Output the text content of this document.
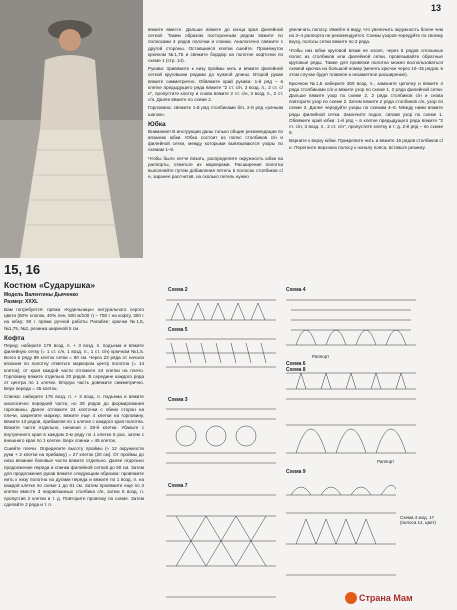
13
15, 16
Костюм «Сударушка»
Модель Валентины Дьяченко
Размер: XXXL

Вам потребуется: пряжа «Кудельница» натурального серого цвета (60% хлопок, 40% лен, 500 м/100 г) – 750 г на кофту, 300 г на юбку; 50 г пряжи ручной работы Paradise; крючки №1,5, №1,75, №2, резинка шириной 5 см.

Кофта

Перед: наберите 176 возд. п. + 3 возд. п. подъема и вяжите филейную сетку (= 1 ст. с/н, 1 возд. п., 1 ст. с/н) крючком №1,5. Всего в ряду 89 клеток сетки = 60 см. Через 23 ряда от начала вязания по полотну отметьте маркером центр полотна (= 14 клеток), от края каждой части отложите 24 клетки на плечо. Горловину вяжите отдельно 20 рядов. В середине каждого ряда от центра по 1 клетке. Вторую часть довяжите симметрично. Верх переда = 45 клеток.

Спинка: наберите 176 возд. п. + 3 возд. п. подъема и вяжите аналогично передней части, но 39 рядов до формирования горловины. Далее отложите 24 клеточки с обеих сторон на плечи, закрепите маркер, вяжите еще 4 клетки на горловину. Вяжите 13 рядов, прибавляя по 1 клетке с каждого края полотна. Вяжите части отдельно, начиная с 28-й клетки. Убавьте с внутреннего края в каждом 2-м ряду по 1 клетке 5 раз, затем с внешнего края по 1 клетке. Верх спинки = 45 клеток.

Сшейте плечи. Определите высоту проймы (≈ 12 окружности руки + 2 клетки на прибавку) = 27 клеток (20 см). От проймы до низа вязание боковые части вяжите отдельно. Далее отдельно продолжение переда и спинки филейной сеткой до 50 см. Затем для продолжения рукав вяжите следующим образом: провяжите нить к низу полотна на дугами переда и вяжите по 1 возд. п. на каждой клетке по схеме 1 до 61 см. Затем провяжите еще по 3 клетки вместе 3 недовязанных столбика с/н, затем 5 возд. п. пропустив 2 клетки и т. д. Повторите провязку по схеме. Затем сделайте 2 ряда и т. п.

вяжите вместе. Дальше вяжите до конца края филейной сеткой. Таким образом посторонным рядом вяжите по полосками 4 рядов полочки и спинки. Аналогично свяжите с другой стороны. Оставшиеся клетки сшейте. Промежуток крючком №1,75 и свяжите бордюр на полотне кофточки по схеме 1 (стр. 14).

Рукава: привяжите к низу проймы нить и вяжите филейной сеткой круговыми рядами до нужной длины. Второй рукав вяжите симметрично. Обвяжите край рукава: 1-й ряд – в клетке предыдущего ряда вяжите "2 ст. с/н, 3 возд. п., 2 ст. с/н", пропустите клетку и снова вяжите 2 ст. с/н, 3 возд. п., 2 ст. с/н. Далее вяжите по схеме 2.

Горловина: свяжите 1-й ряд столбиками б/н, 2-й ряд «рачьим шагом».

Юбка

Внимание! В инструкции даны только общие рекомендации по вязанию юбки. Юбка состоит из полос столбиков с/н и филейной сетки, между которыми вывязываются узоры по схемам 1–9.

Чтобы было легче вязать, распределите окружность юбки на раппорты, отметьте их маркерами. Расширение полотна выполняйте путем добавления петель в полосах столбиков с/н, заранее рассчитав, на сколько петель нужно

увеличить полосу. Имейте в виду, что увеличить окружность более чем на 3–4 раппорта не рекомендуется. Схемы узоров чередуйте по своему вкусу, полосы сетки вяжите по 2 ряда.

Чтобы низ юбки круговой вязки не косил, через 5 рядов сплошных полос из столбиков или филейной сетки, провязывайте обратные круговые ряды. Также для провязки полотна можно воспользоваться схемой крючка на большой номер (менять крючок через 10–15 рядов, в этом случае будет плавное и незаметное расширение).

Крючком №1,5 наберите 300 возд. п., замкните цепочку и вяжите 4 ряда столбиками с/н и вяжите узор по схеме 1, 2 ряда филейной сетки. Дальше вяжите узор по схеме 2, 2 ряда столбиков с/н и снова повторите узор по схеме 2. Затем вяжите 2 ряда столбиков с/н, узор по схеме 3. Далее чередуйте узоры по схемам 4–8. Между ними вяжите ряды филейной сетки. Закончите подол, связав узор по схеме 1. Обвяжите край юбки: 1-й ряд – в клетке предыдущего ряда вяжите "2 ст. с/н, 3 возд. п., 2 ст. с/н", пропустите клетку и т. д. 2-й ряд – по схеме 9.

Верните к верху юбки. Прикрепите нить и вяжите 16 рядов столбиков с/н. Перегните верхнюю полосу к началу пояса, вставьте резинку.

Схема 2	Схема 4
Раппорт
Схема 5
Схема 6
Схема 3
Схема 8
Раппорт
Схема 9
Схема 7
Схема 4 мод. 17 (полоса 14, цвет)
Страна Мам
